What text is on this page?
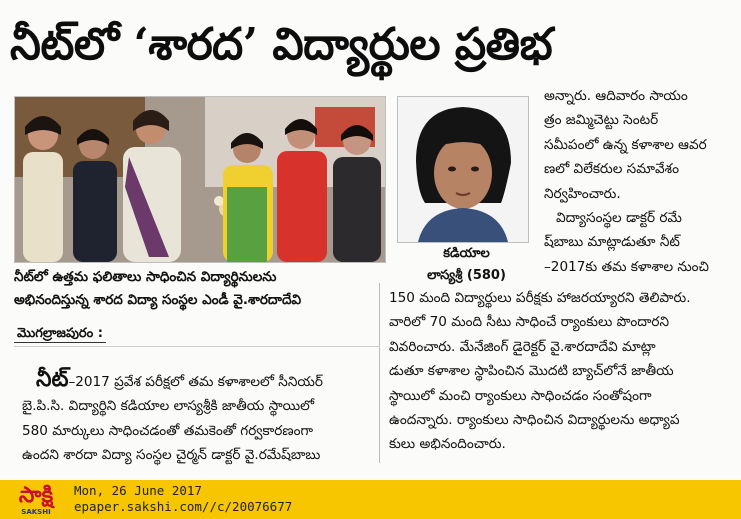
నీట్‌లో ‘శారద’ విద్యార్థుల ప్రతిభ
నీట్‌లో ఉత్తమ ఫలితాలు సాధించిన విద్యార్థినులను
అభినందిస్తున్న శారద విద్యా సంస్థల ఎండీ వై.శారదాదేవి
మొగల్రాజపురం :
కడియాల
లాస్యశ్రీ (580)
అన్నారు. ఆదివారం సాయం
త్రం జమ్మిచెట్టు సెంటర్
సమీపంలో ఉన్న కళాశాల ఆవర
ణలో విలేకరుల సమావేశం
నిర్వహించారు.
విద్యాసంస్థల డాక్టర్ రమే
ష్‌బాబు మాట్లాడుతూ నీట్
–2017కు తమ కళాశాల నుంచి
150 మంది విద్యార్థులు పరీక్షకు హాజరయ్యారని తెలిపారు.
వారిలో 70 మంది సీటు సాధించే ర్యాంకులు పొందారని
వివరించారు. మేనేజింగ్ డైరెక్టర్ వై.శారదాదేవి మాట్లా
డుతూ కళాశాల స్థాపించిన మొదటి బ్యాచ్‌లోనే జాతీయ
స్థాయిలో మంచి ర్యాంకులు సాధించడం సంతోషంగా
ఉందన్నారు. ర్యాంకులు సాధించిన విద్యార్థులను అధ్యాప
కులు అభినందించారు.
నీట్–2017 ప్రవేశ పరీక్షలో తమ కళాశాలలో సీనియర్
బై.పి.సి. విద్యార్థిని కడియాల లాస్యశ్రీకి జాతీయ స్థాయిలో
580 మార్కులు సాధించడంతో తమకెంతో గర్వకారణంగా
ఉందని శారదా విద్యా సంస్థల చైర్మన్ డాక్టర్ వై.రమేష్‌బాబు
సాక్షి
SAKSHI
Mon, 26 June 2017
epaper.sakshi.com//c/20076677
